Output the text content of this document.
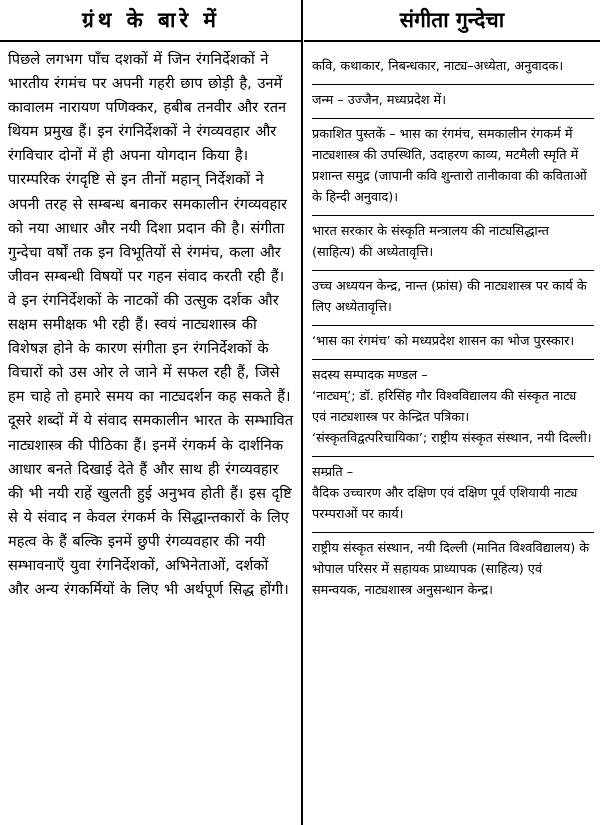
ग्रंथ के बारे में
पिछले लगभग पाँच दशकों में जिन रंगनिर्देशकों ने भारतीय रंगमंच पर अपनी गहरी छाप छोड़ी है, उनमें कावालम नारायण पणिक्कर, हबीब तनवीर और रतन थियम प्रमुख हैं। इन रंगनिर्देशकों ने रंगव्यवहार और रंगविचार दोनों में ही अपना योगदान किया है। पारम्परिक रंगदृष्टि से इन तीनों महान् निर्देशकों ने अपनी तरह से सम्बन्ध बनाकर समकालीन रंगव्यवहार को नया आधार और नयी दिशा प्रदान की है। संगीता गुन्देचा वर्षों तक इन विभूतियों से रंगमंच, कला और जीवन सम्बन्धी विषयों पर गहन संवाद करती रही हैं। वे इन रंगनिर्देशकों के नाटकों की उत्सुक दर्शक और सक्षम समीक्षक भी रही हैं। स्वयं नाट्यशास्त्र की विशेषज्ञ होने के कारण संगीता इन रंगनिर्देशकों के विचारों को उस ओर ले जाने में सफल रही हैं, जिसे हम चाहे तो हमारे समय का नाट्यदर्शन कह सकते हैं। दूसरे शब्दों में ये संवाद समकालीन भारत के सम्भावित नाट्यशास्त्र की पीठिका हैं। इनमें रंगकर्म के दार्शनिक आधार बनते दिखाई देते हैं और साथ ही रंगव्यवहार की भी नयी राहें खुलती हुई अनुभव होती हैं। इस दृष्टि से ये संवाद न केवल रंगकर्म के सिद्धान्तकारों के लिए महत्व के हैं बल्कि इनमें छुपी रंगव्यवहार की नयी सम्भावनाएँ युवा रंगनिर्देशकों, अभिनेताओं, दर्शकों और अन्य रंगकर्मियों के लिए भी अर्थपूर्ण सिद्ध होंगी।
संगीता गुन्देचा

कवि, कथाकार, निबन्धकार, नाट्य–अध्येता, अनुवादक।

जन्म – उज्जैन, मध्यप्रदेश में।

प्रकाशित पुस्तकें – भास का रंगमंच, समकालीन रंगकर्म में नाट्यशास्त्र की उपस्थिति, उदाहरण काव्य, मटमैली स्मृति में प्रशान्त समुद्र (जापानी कवि शुन्तारो तानीकावा की कविताओं के हिन्दी अनुवाद)।

भारत सरकार के संस्कृति मन्त्रालय की नाट्यसिद्धान्त (साहित्य) की अध्येतावृत्ति।

उच्च अध्ययन केन्द्र, नान्त (फ्रांस) की नाट्यशास्त्र पर कार्य के लिए अध्येतावृत्ति।

‘भास का रंगमंच’ को मध्यप्रदेश शासन का भोज पुरस्कार।

सदस्य सम्पादक मण्डल –

‘नाट्यम्’; डॉ. हरिसिंह गौर विश्वविद्यालय की संस्कृत नाट्य एवं नाट्यशास्त्र पर केन्द्रित पत्रिका।

‘संस्कृतविद्वत्परिचायिका’; राष्ट्रीय संस्कृत संस्थान, नयी दिल्ली।

सम्प्रति –

वैदिक उच्चारण और दक्षिण एवं दक्षिण पूर्व एशियायी नाट्य परम्पराओं पर कार्य।

राष्ट्रीय संस्कृत संस्थान, नयी दिल्ली (मानित विश्वविद्यालय) के भोपाल परिसर में सहायक प्राध्यापक (साहित्य) एवं समन्वयक, नाट्यशास्त्र अनुसन्धान केन्द्र।
